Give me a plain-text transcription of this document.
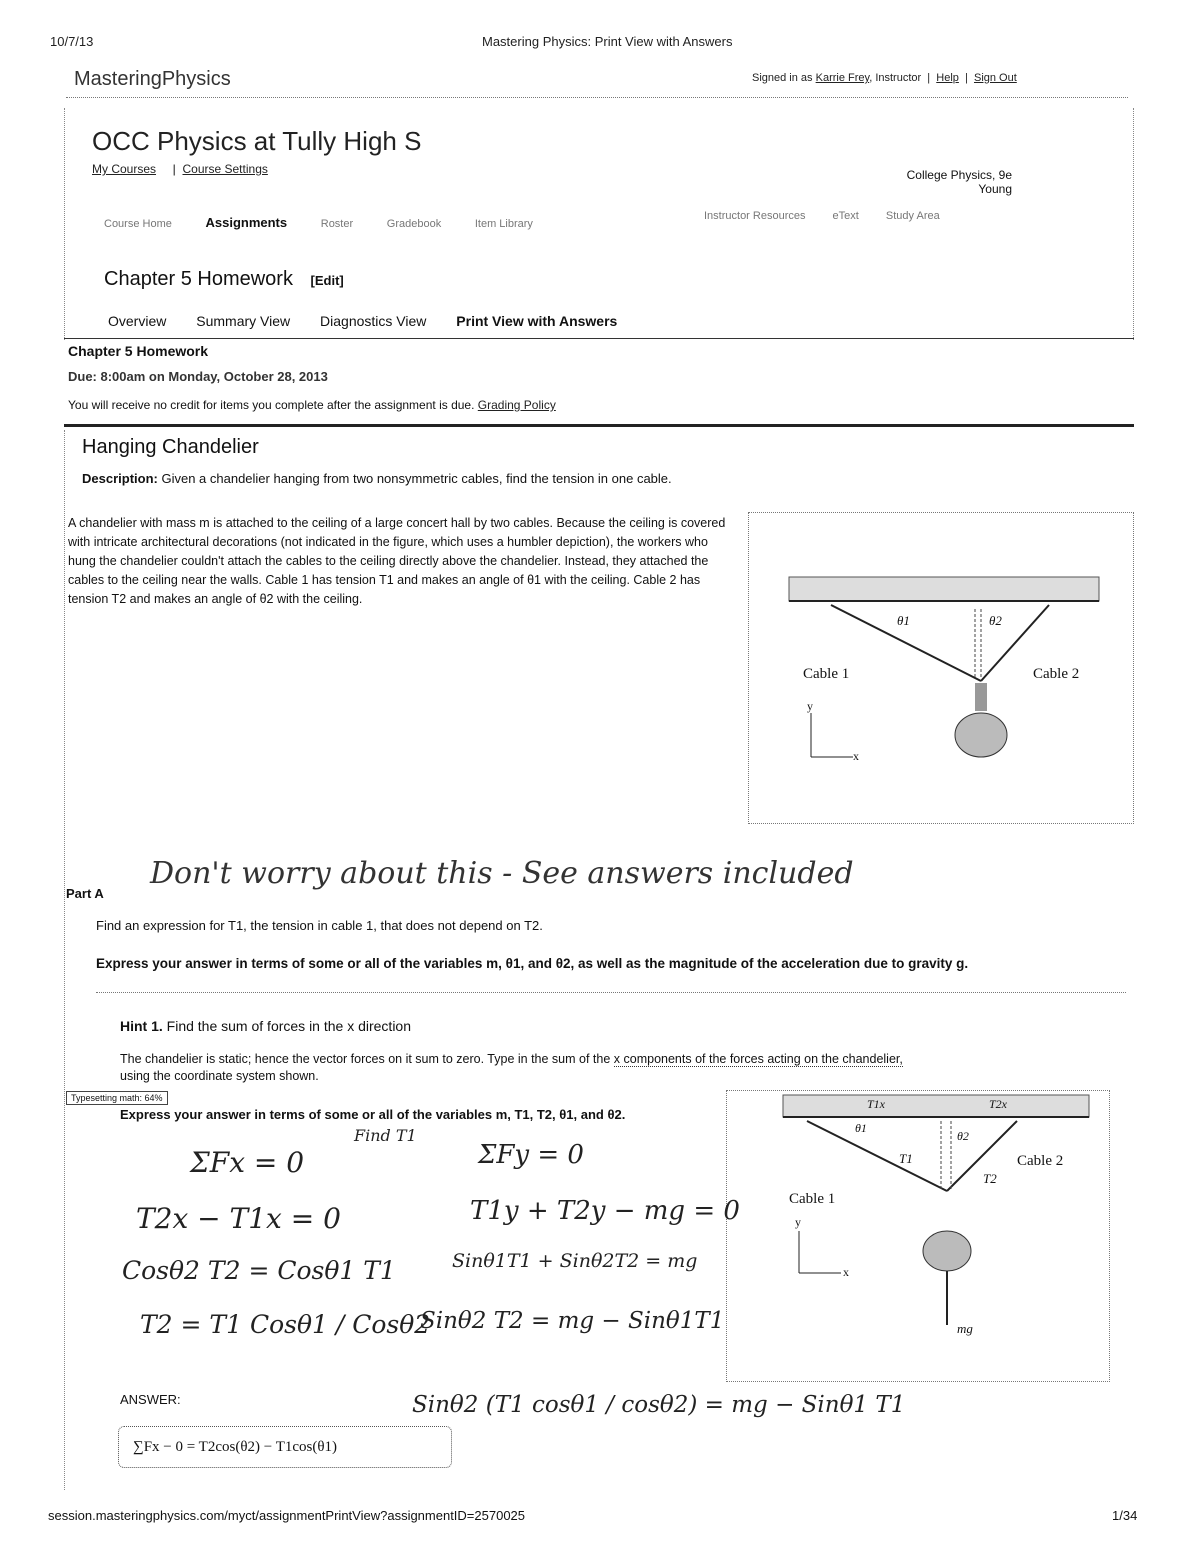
10/7/13	Mastering Physics: Print View with Answers
MasteringPhysics	Signed in as Karrie Frey, Instructor  |  Help  |  Sign Out
OCC Physics at Tully High S
My Courses     |  Course Settings	College Physics, 9e
Young
Course Home	Assignments	Roster	Gradebook	Item Library
Instructor Resources eText Study Area
Chapter 5 Homework [Edit]
Overview Summary View Diagnostics View Print View with Answers
Chapter 5 Homework
Due: 8:00am on Monday, October 28, 2013
You will receive no credit for items you complete after the assignment is due. Grading Policy
Hanging Chandelier
Description: Given a chandelier hanging from two nonsymmetric cables, find the tension in one cable.
A chandelier with mass m is attached to the ceiling of a large concert hall by two cables. Because the ceiling is covered with intricate architectural decorations (not indicated in the figure, which uses a humbler depiction), the workers who hung the chandelier couldn't attach the cables to the ceiling directly above the chandelier. Instead, they attached the cables to the ceiling near the walls. Cable 1 has tension T1 and makes an angle of θ1 with the ceiling. Cable 2 has tension T2 and makes an angle of θ2 with the ceiling.
Cable 1	Cable 2
θ1	θ2
y
x
Part A
Don't worry about this - See answers included
Find an expression for T1, the tension in cable 1, that does not depend on T2.
Express your answer in terms of some or all of the variables m, θ1, and θ2, as well as the magnitude of the acceleration due to gravity g.
Hint 1. Find the sum of forces in the x direction
The chandelier is static; hence the vector forces on it sum to zero. Type in the sum of the x components of the forces acting on the chandelier,
using the coordinate system shown.
Typesetting math: 64%
Express your answer in terms of some or all of the variables m, T1, T2, θ1, and θ2.
Cable 1
Cable 2
T1
T2
T1x	T2x
θ1
θ2
mg
y
x
Find T1
ΣFx = 0
T2x − T1x = 0
Cosθ2 T2 = Cosθ1 T1
T2 = T1 Cosθ1 / Cosθ2
ΣFy = 0
T1y + T2y − mg = 0
Sinθ1T1 + Sinθ2T2 = mg
Sinθ2 T2 = mg − Sinθ1T1
Sinθ2 (T1 cosθ1 / cosθ2) = mg − Sinθ1 T1
ANSWER:
∑Fx − 0 = T2cos(θ2) − T1cos(θ1)
session.masteringphysics.com/myct/assignmentPrintView?assignmentID=2570025	1/34
